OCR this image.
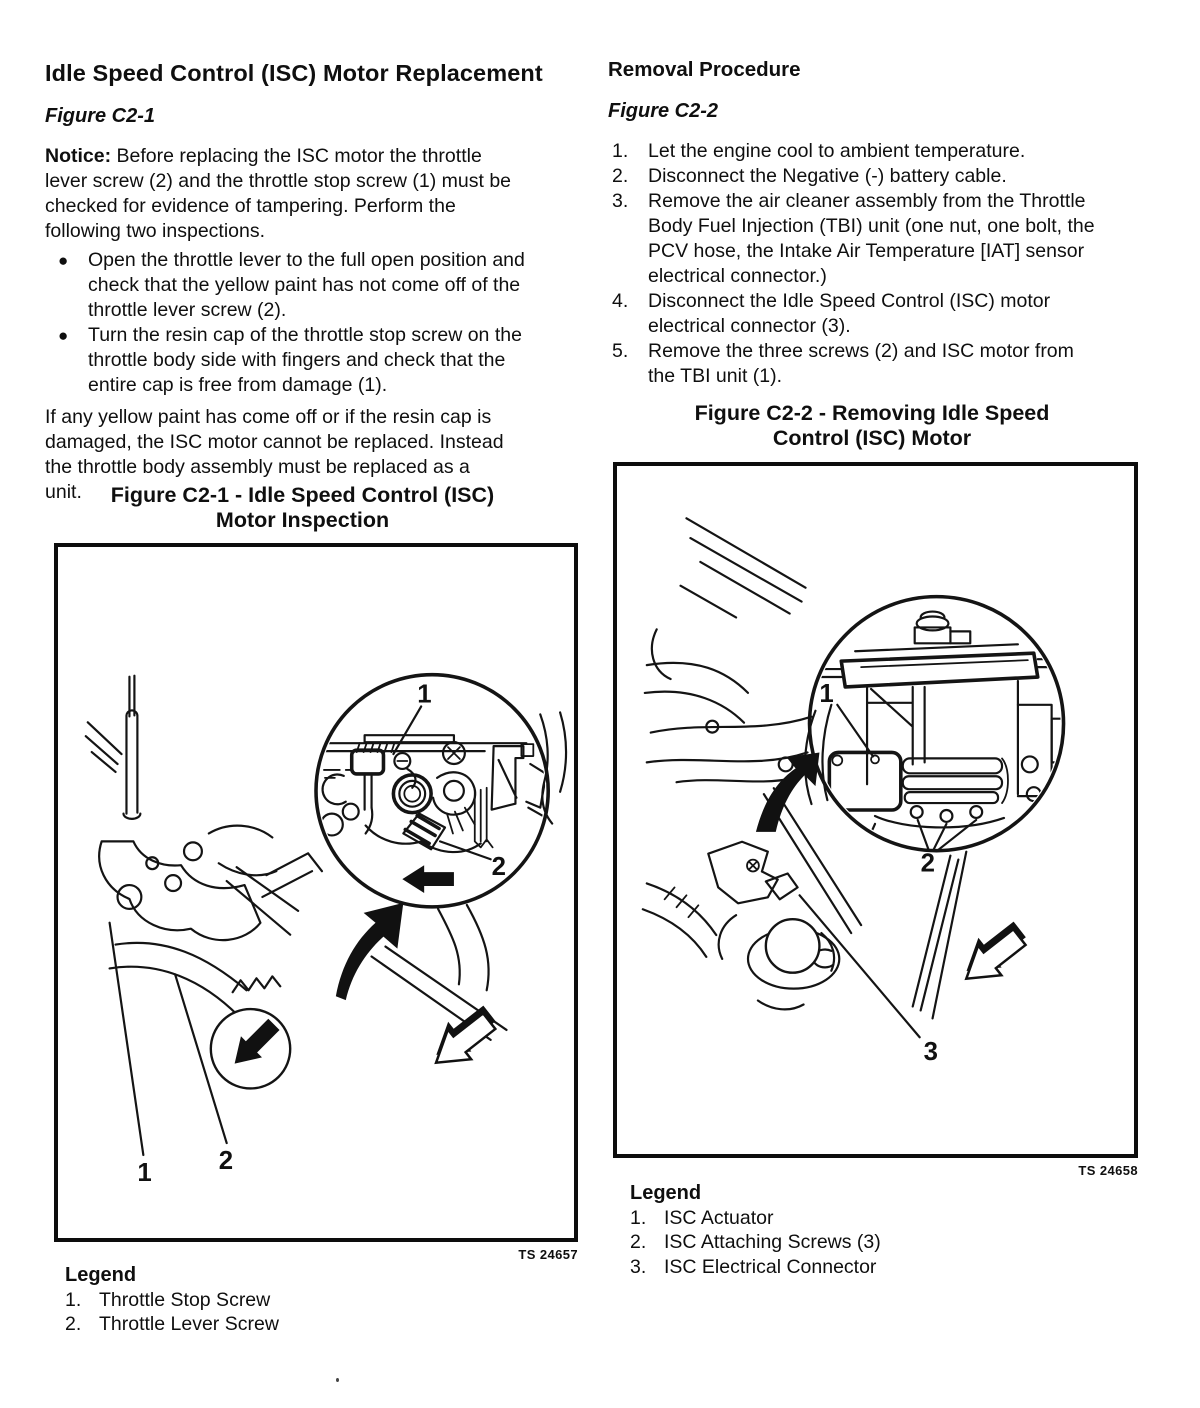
Idle Speed Control (ISC) Motor Replacement
Figure C2-1

Notice: Before replacing the ISC motor the throttle lever screw (2) and the throttle stop screw (1) must be checked for evidence of tampering. Perform the following two inspections.

●	Open the throttle lever to the full open position and check that the yellow paint has not come off of the throttle lever screw (2).
●	Turn the resin cap of the throttle stop screw on the throttle body side with fingers and check that the entire cap is free from damage (1).

If any yellow paint has come off or if the resin cap is damaged, the ISC motor cannot be replaced. Instead the throttle body assembly must be replaced as a unit.

Removal Procedure
Figure C2-2
1.	Let the engine cool to ambient temperature.
2.	Disconnect the Negative (-) battery cable.
3.	Remove the air cleaner assembly from the Throttle Body Fuel Injection (TBI) unit (one nut, one bolt, the PCV hose, the Intake Air Temperature [IAT] sensor electrical connector.)
4.	Disconnect the Idle Speed Control (ISC) motor electrical connector (3).
5.	Remove the three screws (2) and ISC motor from the TBI unit (1).
Figure C2-1 - Idle Speed Control (ISC)
Motor Inspection
Figure C2-2 - Removing Idle Speed
Control (ISC) Motor
1
2
1	2
TS 24657
Legend
1. Throttle Stop Screw
2. Throttle Lever Screw
1
2
3
TS 24658
Legend
1. ISC Actuator
2. ISC Attaching Screws (3)
3. ISC Electrical Connector
